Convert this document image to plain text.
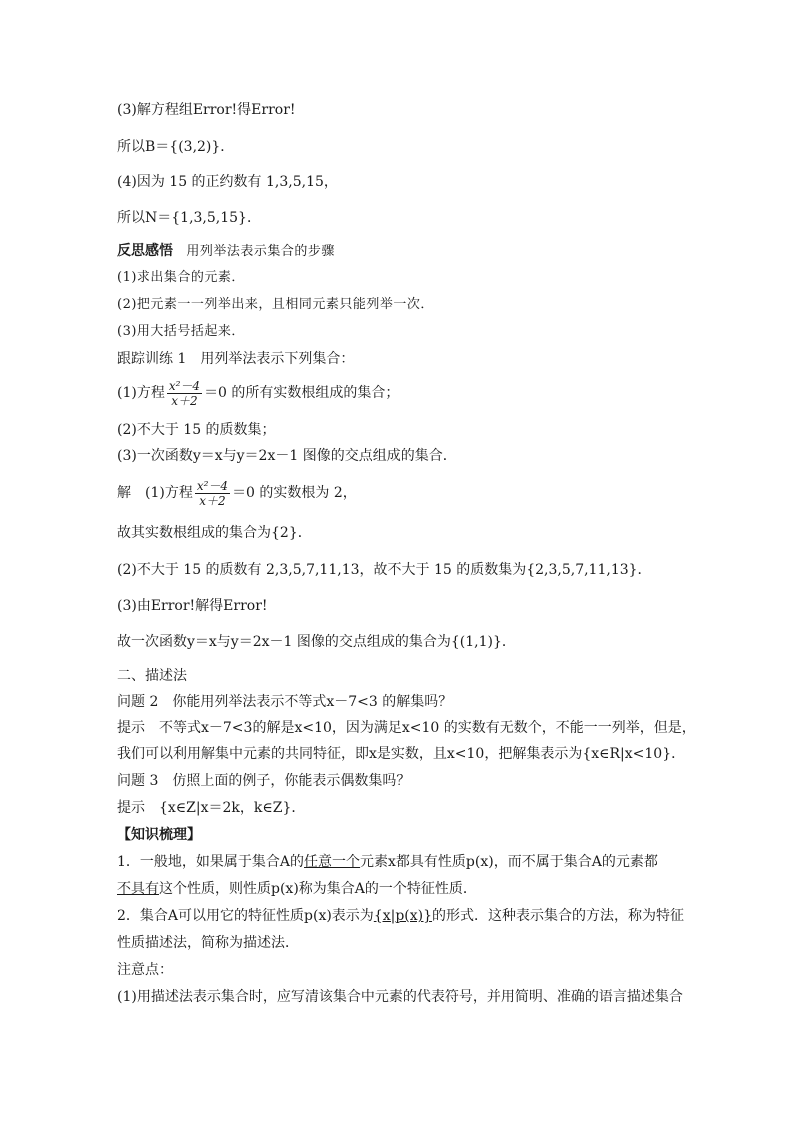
(3)解方程组Error!得Error!
所以B＝{(3,2)}．
(4)因为 15 的正约数有 1,3,5,15，
所以N＝{1,3,5,15}．
反思感悟 用列举法表示集合的步骤
(1)求出集合的元素．
(2)把元素一一列举出来，且相同元素只能列举一次．
(3)用大括号括起来．
跟踪训练 1　用列举法表示下列集合：
(1)方程 $\frac{\text{x²－4}}{x+2} =0$ 的所有实数根组成的集合；
(2)不大于 15 的质数集；
(3)一次函数y＝x与y＝2x－1 图像的交点组成的集合．
解　(1)方程 $\frac{\text{x²－4}}{x+2} =0$ 的实数根为 2，
故其实数根组成的集合为{2}．
(2)不大于 15 的质数有 2,3,5,7,11,13，故不大于 15 的质数集为{2,3,5,7,11,13}．
(3)由Error!解得Error!
故一次函数y＝x与y＝2x－1 图像的交点组成的集合为{(1,1)}．
二、描述法
问题 2　你能用列举法表示不等式x－7<3 的解集吗？
提示　不等式x－7<3的解是x<10，因为满足x<10 的实数有无数个，不能一一列举，但是，
我们可以利用解集中元素的共同特征，即x是实数，且x<10，把解集表示为{x∈R|x<10}．
问题 3　仿照上面的例子，你能表示偶数集吗？
提示　{x∈Z|x＝2k，k∈Z}．
【知识梳理】
1．一般地，如果属于集合A的任意一个元素x都具有性质p(x)，而不属于集合A的元素都
不具有这个性质，则性质p(x)称为集合A的一个特征性质．
2．集合A可以用它的特征性质p(x)表示为{x|p(x)}的形式．这种表示集合的方法，称为特征
性质描述法，简称为描述法．
注意点：
(1)用描述法表示集合时，应写清该集合中元素的代表符号，并用简明、准确的语言描述集合
